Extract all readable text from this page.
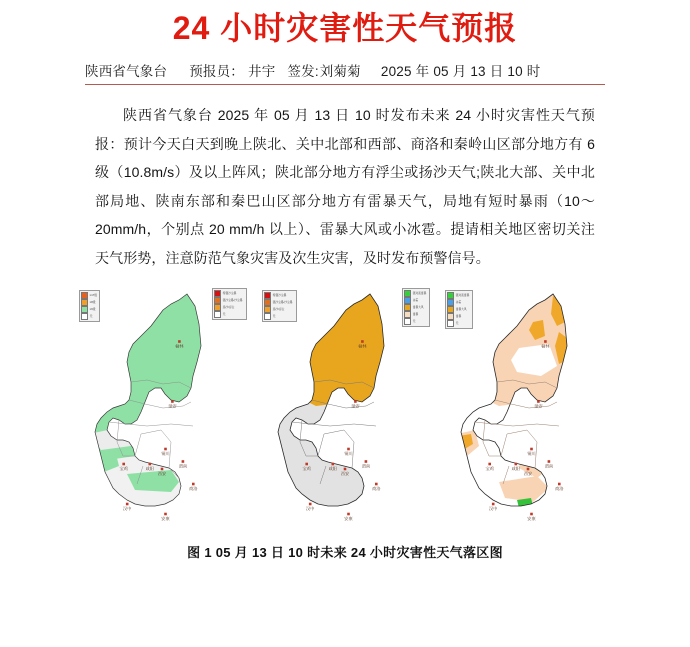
24 小时灾害性天气预报
陕西省气象台 预报员： 井宇 签发: 刘菊菊 2025 年 05 月 13 日 10 时
陕西省气象台 2025 年 05 月 13 日 10 时发布未来 24 小时灾害性天气预报：预计今天白天到晚上陕北、关中北部和西部、商洛和秦岭山区部分地方有 6 级（10.8m/s）及以上阵风；陕北部分地方有浮尘或扬沙天气;陕北大部、关中北部局地、陕南东部和秦巴山区部分地方有雷暴天气，局地有短时暴雨（10～20mm/h，个别点 20 mm/h 以上）、雷暴大风或小冰雹。提请相关地区密切关注天气形势，注意防范气象灾害及次生灾害，及时发布预警信号。
≥17级
≥8级
≥6级
无
特强沙尘暴
强沙尘暴/沙尘暴
扬沙/浮尘
无
榆林
延安
铜川
宝鸡	咸阳
西安
渭南
商洛
汉中
安康
特强沙尘暴
强沙尘暴/沙尘暴
扬沙/浮尘
无
强对流雷暴
冰雹
雷暴大风
雷暴
无
榆林
延安
铜川
宝鸡	咸阳
西安
渭南
商洛
汉中
安康
强对流雷暴
冰雹
雷暴大风
雷暴
无
榆林
延安
铜川
宝鸡	咸阳
西安
渭南
商洛
汉中
安康
图 1 05 月 13 日 10 时未来 24 小时灾害性天气落区图
